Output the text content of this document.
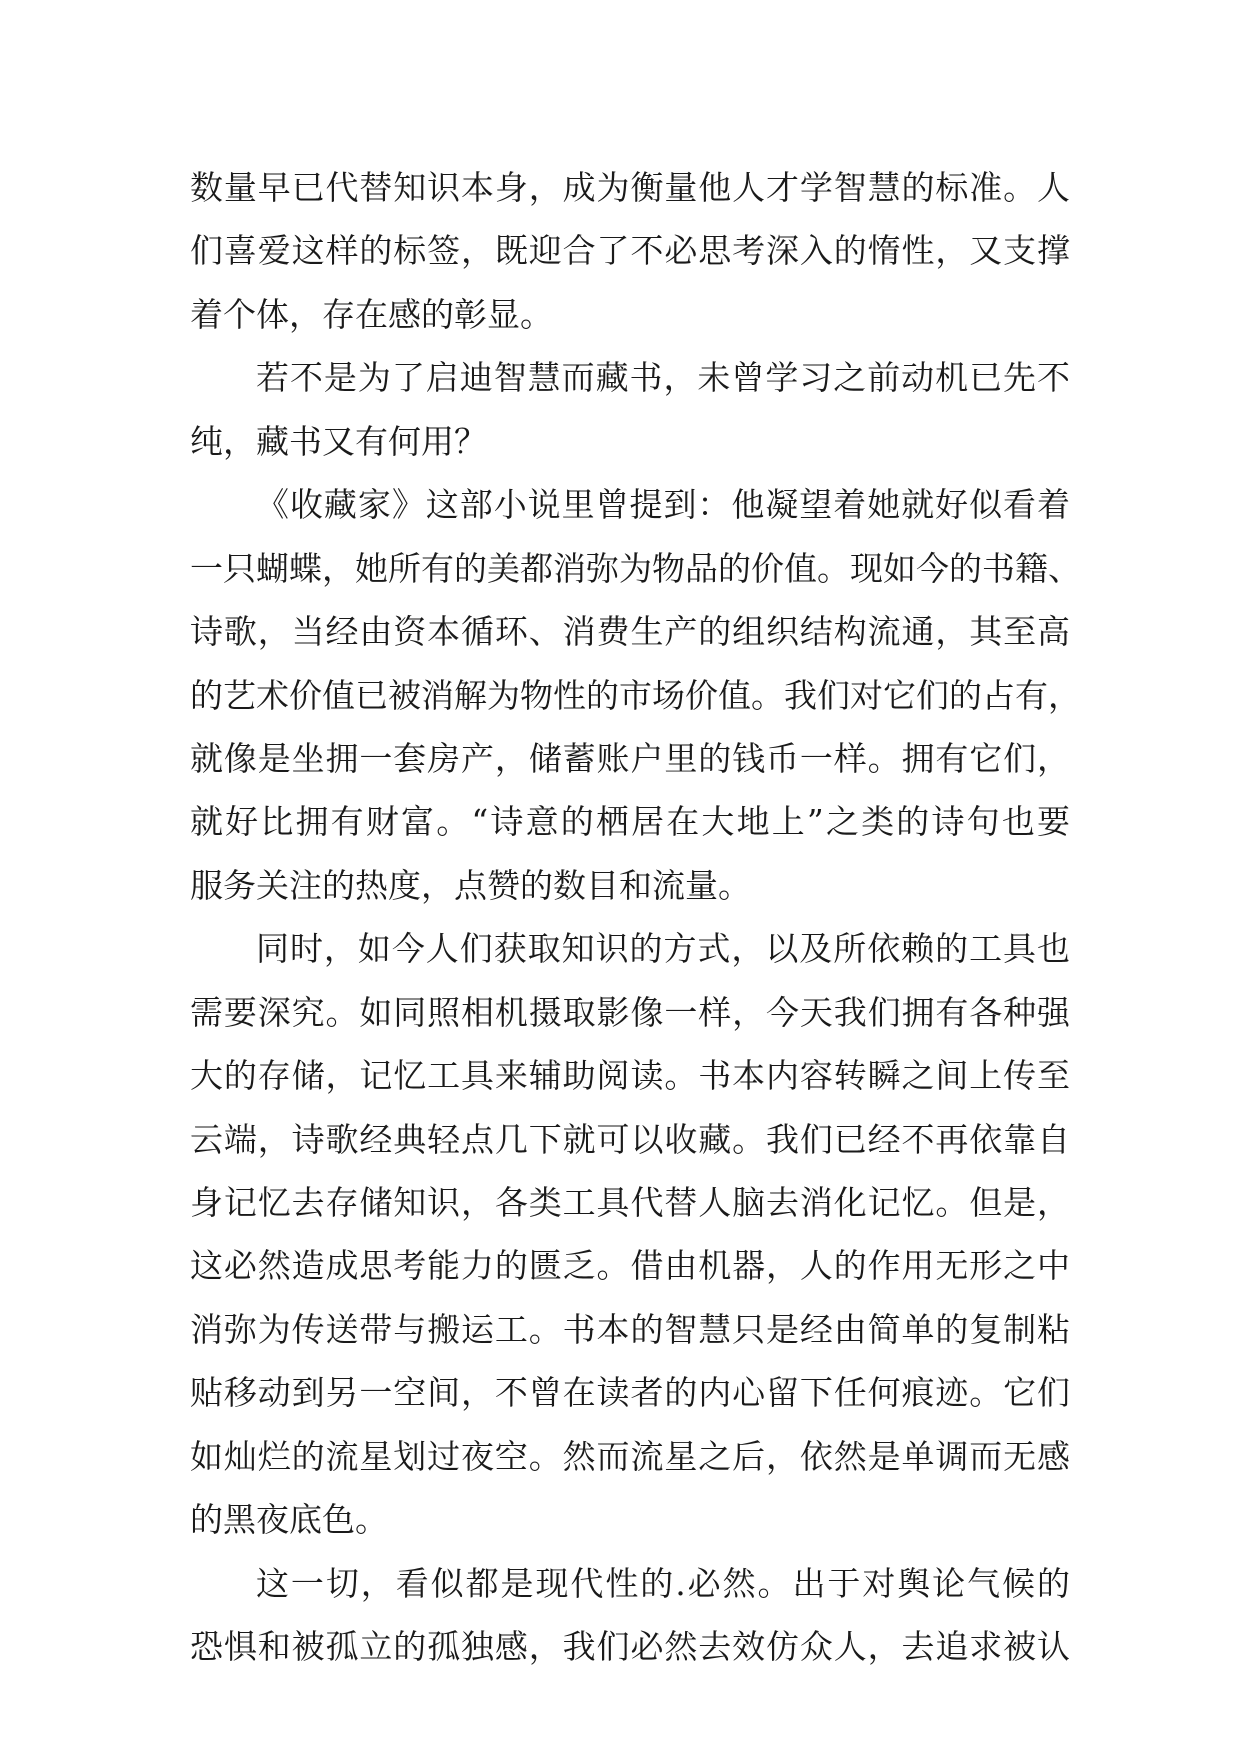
数量早已代替知识本身，成为衡量他人才学智慧的标准。人
们喜爱这样的标签，既迎合了不必思考深入的惰性，又支撑
着个体，存在感的彰显。
若不是为了启迪智慧而藏书，未曾学习之前动机已先不
纯，藏书又有何用？
《收藏家》这部小说里曾提到：他凝望着她就好似看着
一只蝴蝶，她所有的美都消弥为物品的价值。现如今的书籍、
诗歌，当经由资本循环、消费生产的组织结构流通，其至高
的艺术价值已被消解为物性的市场价值。我们对它们的占有，
就像是坐拥一套房产，储蓄账户里的钱币一样。拥有它们，
就好比拥有财富。“诗意的栖居在大地上”之类的诗句也要
服务关注的热度，点赞的数目和流量。
同时，如今人们获取知识的方式，以及所依赖的工具也
需要深究。如同照相机摄取影像一样，今天我们拥有各种强
大的存储，记忆工具来辅助阅读。书本内容转瞬之间上传至
云端，诗歌经典轻点几下就可以收藏。我们已经不再依靠自
身记忆去存储知识，各类工具代替人脑去消化记忆。但是，
这必然造成思考能力的匮乏。借由机器，人的作用无形之中
消弥为传送带与搬运工。书本的智慧只是经由简单的复制粘
贴移动到另一空间，不曾在读者的内心留下任何痕迹。它们
如灿烂的流星划过夜空。然而流星之后，依然是单调而无感
的黑夜底色。
这一切，看似都是现代性的.必然。出于对舆论气候的
恐惧和被孤立的孤独感，我们必然去效仿众人，去追求被认
